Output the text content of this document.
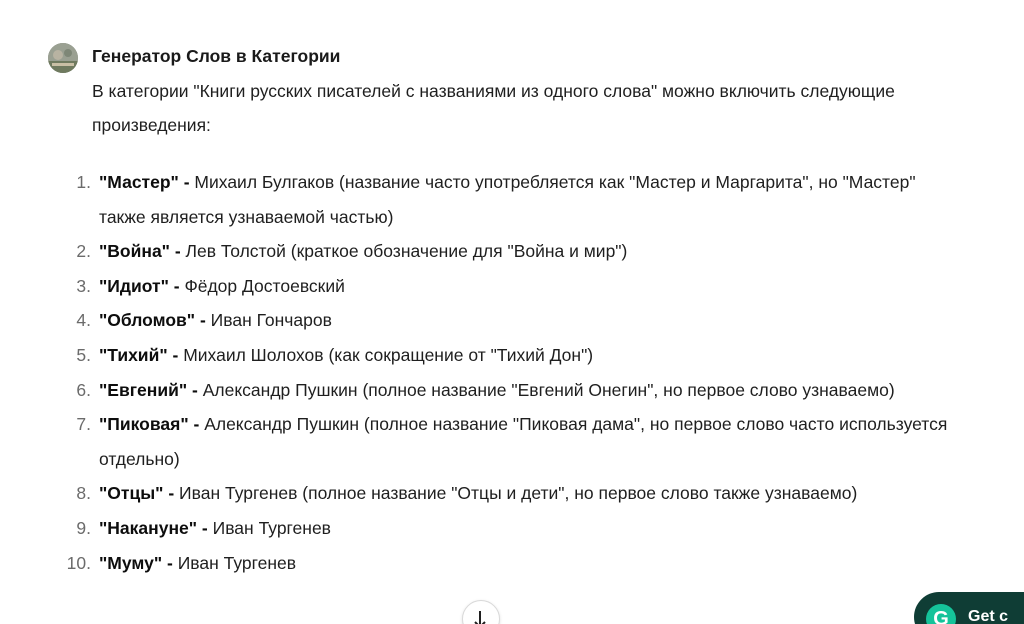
Генератор Слов в Категории
В категории "Книги русских писателей с названиями из одного слова" можно включить следующие произведения:
1. "Мастер" - Михаил Булгаков (название часто употребляется как "Мастер и Маргарита", но "Мастер" также является узнаваемой частью)
2. "Война" - Лев Толстой (краткое обозначение для "Война и мир")
3. "Идиот" - Фёдор Достоевский
4. "Обломов" - Иван Гончаров
5. "Тихий" - Михаил Шолохов (как сокращение от "Тихий Дон")
6. "Евгений" - Александр Пушкин (полное название "Евгений Онегин", но первое слово узнаваемо)
7. "Пиковая" - Александр Пушкин (полное название "Пиковая дама", но первое слово часто используется отдельно)
8. "Отцы" - Иван Тургенев (полное название "Отцы и дети", но первое слово также узнаваемо)
9. "Накануне" - Иван Тургенев
10. "Муму" - Иван Тургенев
G	Get c
